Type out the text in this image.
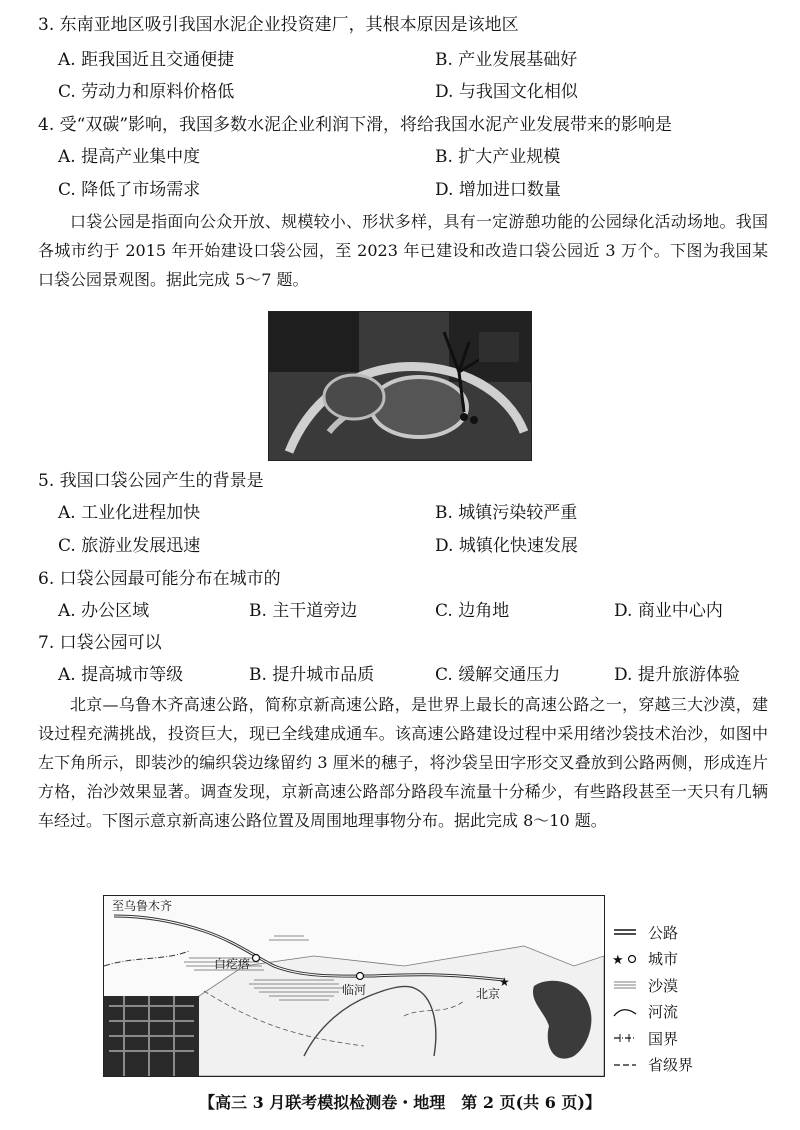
3. 东南亚地区吸引我国水泥企业投资建厂，其根本原因是该地区
A. 距我国近且交通便捷	B. 产业发展基础好
C. 劳动力和原料价格低	D. 与我国文化相似
4. 受“双碳”影响，我国多数水泥企业利润下滑，将给我国水泥产业发展带来的影响是
A. 提高产业集中度	B. 扩大产业规模
C. 降低了市场需求	D. 增加进口数量

口袋公园是指面向公众开放、规模较小、形状多样，具有一定游憩功能的公园绿化活动场地。我国各城市约于 2015 年开始建设口袋公园，至 2023 年已建设和改造口袋公园近 3 万个。下图为我国某口袋公园景观图。据此完成 5～7 题。

5. 我国口袋公园产生的背景是
A. 工业化进程加快	B. 城镇污染较严重
C. 旅游业发展迅速	D. 城镇化快速发展
6. 口袋公园最可能分布在城市的
A. 办公区域	B. 主干道旁边	C. 边角地	D. 商业中心内
7. 口袋公园可以
A. 提高城市等级	B. 提升城市品质	C. 缓解交通压力	D. 提升旅游体验

北京—乌鲁木齐高速公路，简称京新高速公路，是世界上最长的高速公路之一，穿越三大沙漠，建设过程充满挑战，投资巨大，现已全线建成通车。该高速公路建设过程中采用绪沙袋技术治沙，如图中左下角所示，即装沙的编织袋边缘留约 3 厘米的穗子，将沙袋呈田字形交叉叠放到公路两侧，形成连片方格，治沙效果显著。调查发现，京新高速公路部分路段车流量十分稀少，有些路段甚至一天只有几辆车经过。下图示意京新高速公路位置及周围地理事物分布。据此完成 8～10 题。

★
至乌鲁木齐
白疙瘩
临河	北京
公路
★ 城市
沙漠
河流
国界
省级界
【高三 3 月联考模拟检测卷・地理　第 2 页(共 6 页)】
